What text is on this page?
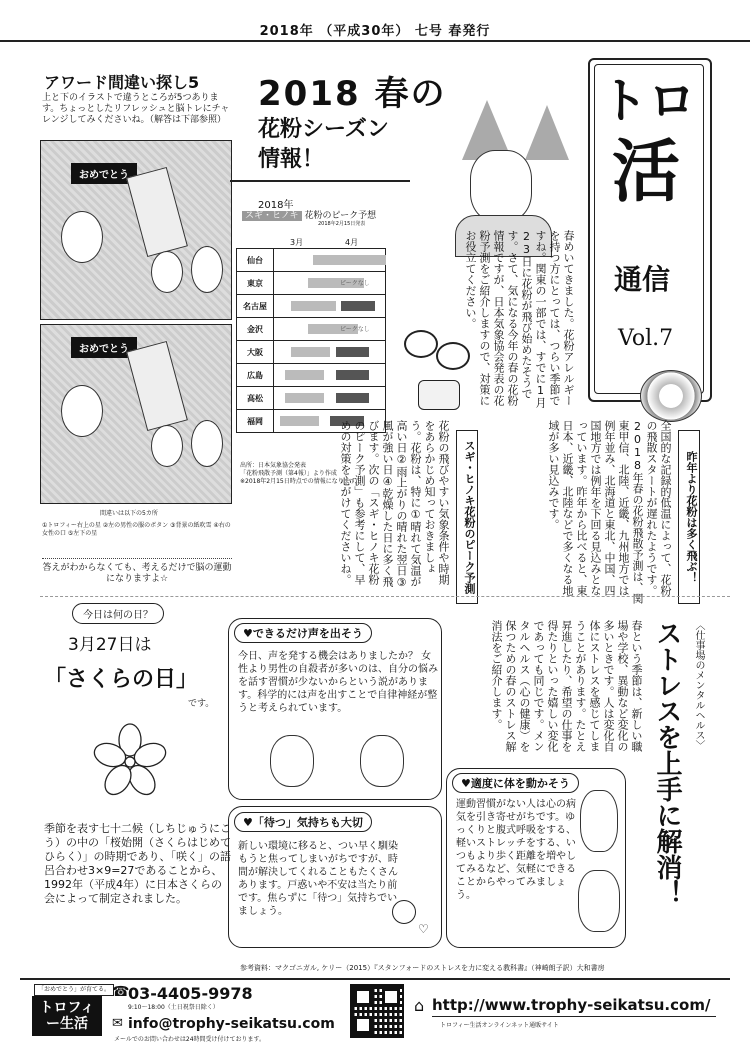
2018年 （平成30年） 七号 春発行
アワード間違い探し5
上と下のイラストで違うところが5つあります。ちょっとしたリフレッシュと脳トレにチャレンジしてみくださいね。（解答は下部参照）
おめでとう
おめでとう
間違いは以下の5カ所
①トロフィー右上の星 ②左の男性の服のボタン ③背景の紙吹雪 ④右の女性の口 ⑤左下の星
答えがわからなくても、考えるだけで脳の運動になりますよ☆
2018 春の
花粉シーズン
情報！
2018年
スギ・ヒノキ 花粉のピーク予想
2018年2月15日発表
3月	4月
仙台	

東京	ピークなし

名古屋	

金沢	ピークなし

大阪	

広島	

高松	

福岡	
出所：日本気象協会発表
「花粉飛散予測（第4報）」より作成
※2018年2月15日時点での情報になります。
春めいてきました。花粉アレルギーを持つ方にとっては、つらい季節ですね。関東の一部では、すでに1月23日に花粉が飛び始めたそうです。さて、気になる今年の春の花粉情報ですが、日本気象協会発表の花粉予測をご紹介しますので、対策にお役立てください。
トロ
活
通信
Vol.7
スギ・ヒノキ花粉のピーク予測
花粉の飛びやすい気象条件や時期をあらかじめ知っておきましょう。花粉は、特に①晴れて気温が高い日②雨上がりの晴れた翌日③風が強い日④乾燥した日に多く飛びます。次の「スギ・ヒノキ花粉のピーク予測」も参考にして、早めの対策を心がけてくださいね。	昨年より花粉は多く飛ぶ！
全国的な記録的低温によって、花粉の飛散スタートが遅れたようです。2018年春の花粉飛散予測は、関東甲信、北陸、近畿、九州地方では例年並み、北海道と東北、中国、四国地方では例年を下回る見込みとなっています。昨年から比べると、東日本、近畿、北陸などで多くなる地域が多い見込みです。
今日は何の日？
3月27日は
「さくらの日」
です。
季節を表す七十二候（しちじゅうにこう）の中の「桜始開（さくらはじめてひらく）」の時期であり、「咲く」の語呂合わせ3×9=27であることから、1992年（平成4年）に日本さくらの会によって制定されました。
♥できるだけ声を出そう
今日、声を発する機会はありましたか？ 女性より男性の自殺者が多いのは、自分の悩みを話す習慣が少ないからという説があります。科学的には声を出すことで自律神経が整うと考えられています。
♥「待つ」気持ちも大切
新しい環境に移ると、つい早く馴染もうと焦ってしまいがちですが、時間が解決してくれることもたくさんあります。戸惑いや不安は当たり前です。焦らずに「待つ」気持ちでいましょう。
♡
春という季節は、新しい職場や学校、異動など変化の多いときです。人は変化自体にストレスを感じてしまうことがあります。たとえ昇進したり、希望の仕事を得たりといった嬉しい変化であっても同じです。メンタルヘルス（心の健康）を保つための春のストレス解消法をご紹介します。
♥適度に体を動かそう
運動習慣がない人は心の病気を引き寄せがちです。ゆっくりと腹式呼吸をする、軽いストレッチをする、いつもより歩く距離を増やしてみるなど、気軽にできることからやってみましょう。
〈仕事場のメンタルヘルス〉
ストレスを上手に解消！
参考資料：マクゴニガル, ケリー（2015）『スタンフォードのストレスを力に変える教科書』（神崎朗子訳）大和書房
「おめでとう」が育てる。
トロフィー生活
☎
03-4405-9978
9:10〜18:00（土日祝祭日除く）
✉ info@trophy-seikatsu.com
メールでのお問い合わせは24時間受け付けております。
⌂ http://www.trophy-seikatsu.com/
トロフィー生活オンラインネット通販サイト
